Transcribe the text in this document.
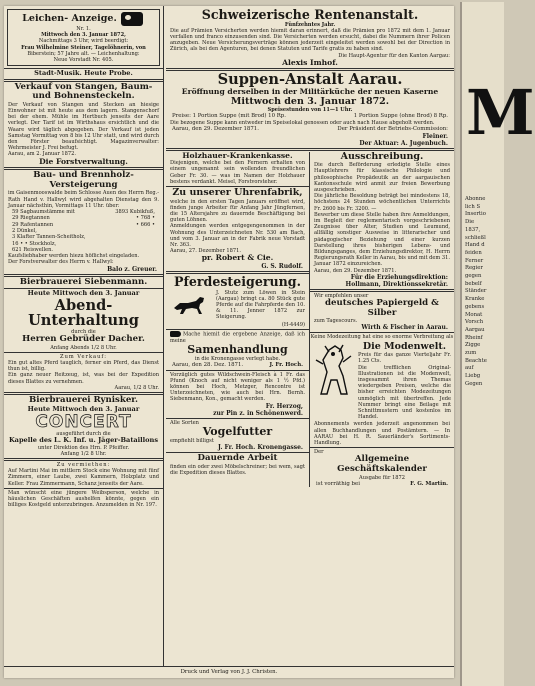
Leichen- Anzeige.
Nr. 1.
Mittwoch den 3. Januar 1872,
Nachmittags 3 Uhr, wird beerdigt:
Frau Wilhelmine Steiner, Tagelöhnerin, von
Biberstein; 57 Jahre alt. — Leichenhaltung:
Neue Vorstadt Nr. 405.
Stadt-Musik. Heute Probe.
Verkauf von Stangen, Baum- und Bohnensteckeln.
Der Verkauf von Stangen und Stecken an hiesige Einwohner ist mit heute aus dem lagern. Stangenschorf bei der ehem. Mühle im Hertbuch jenseits der Aare verlegt. Der Tarif ist im Wirthshaus ersichtlich und die Waare wird täglich abgegeben. Der Verkauf ist jeden Samstag Vormittag von 8 bis 12 Uhr statt, und wird durch den Förster beaufsichtigt. Magazinverwalter: Wehrmeister J. Frei befugt.
Aarau, am 2. Januar 1872.
Die Forstverwaltung.
Bau- und Brennholz-Versteigerung
im Gaisenmooswalde beim Schlosse Auen des Herrn Reg.-Rath Hand v. Hallwyl wird abgehalten Dienstag den 9. Januar nächsthin, Vormittags 11 Uhr. über:
59 Sagbaumstämme mit	3893 Kubikfuß,
29 Riegtannen	• 768 •
29 Rafentannen	• 666 •
2 Dünkel,
3 Klafter Tannen-Scheitholz,
16 • • Stockholz,
621 Reiswellen.
Kaufsliebhaber werden hiezu höflichst eingeladen.
Der Forstverwalter des Herrn v. Hallwyl:
Balo z. Greuer.
Bierbrauerei Siebenmann.
Heute Mittwoch den 3. Januar
Abend-Unterhaltung
durch die
Herren Gebrüder Dacher.
Anfang Abends 1/2 8 Uhr.
Zum Verkauf:
Ein gut altes Pferd tauglich, ferner ein Pferd, das Dienst thun ist, billig.
Ein ganz neuer Reitzeug, ist, was bei der Expedition dieses Blattes zu vernehmen.
Aarau, 1/2 8 Uhr.
Bierbrauerei Rynisker.
Heute Mittwoch den 3. Januar
CONCERT
ausgeführt durch die
Kapelle des L. K. Inf. u. Jäger-Bataillons
unter Direktion des Hrn. P. Pfeiffer.
Anfang 1/2 8 Uhr.
Zu vermiethen:
Auf Martini Mai im mittlern Stock eine Wohnung mit fünf Zimmern, einer Laube, zwei Kammern, Holzplatz und Keller. Frau Zimmermann, Schanz jenseits der Aare.
Man wünscht eine jüngere Weibsperson, welche in häuslichen Geschäften aushelfen könnte, gegen ein billiges Kostgeld unterzubringen. Anzumelden in Nr. 197.
Schweizerische Rentenanstalt.
Fünfzehntes Jahr.
Die auf Prämien Versicherten werden hiemit daran erinnert, daß die Prämien pro 1872 mit dem 1. Januar verfallen und franco einzusenden sind. Die Versicherten werden ersucht, dabei die Nummern ihrer Policen anzugeben. Neue Versicherungsverträge können jederzeit eingeleitet werden sowohl bei der Direction in Zürich, als bei den Agenturen, bei denen Statuten und Tarife gratis zu haben sind.
Die Haupt-Agentur für den Kanton Aargau:
Alexis Imhof.
Suppen-Anstalt Aarau.
Eröffnung derselben in der Militärküche der neuen Kaserne
Mittwoch den 3. Januar 1872.
Speisestunden von 11—1 Uhr.
Preise: 1 Portion Suppe (mit Brod) 10 Rp.	1 Portion Suppe (ohne Brod) 8 Rp.
Die bezogene Suppe kann entweder im Speiselokal genossen oder auch nach Hause abgeholt werden.
Aarau, den 29. Dezember 1871.	Der Präsident der Betriebs-Commission:
Fleiner.
Der Aktuar: A. Jugenbuch.
Holzhauer-Krankenkasse.
Diejenigen, welche bei den Fernern erhalten von einem ungenannt sein wollenden freundlichen Geber Fr. 30. — was im Namen der Holzhauer bestens verdankt. Meisel, Forstvorsteher.
Zu unserer Uhrenfabrik,
welche in den ersten Tagen Januars eröffnet wird, finden junge Arbeiter für Anfang Jahr Jüngfernen, die 15 Altersjahre zu dauernde Beschäftigung bei guten Löhnen.
Anmeldungen werden entgegengenommen in der Wohnung des Unterzeichneten Nr. 530 am Bach, und vom 3. Januar an in der Fabrik neue Vorstadt Nr. 363.
Aarau, 27. Dezember 1871.
pr. Robert & Cie.
G. S. Rudolf.
Pferdesteigerung.
J. Stutz zum Löwen in Stein (Aargau) bringt ca. 80 Stück gute Pferde auf die Fahrpferde den 10. & 11. Jenner 1872 zur Steigerung.
(H-4449)
Mache hiemit die ergebene Anzeige, daß ich meine
Samenhandlung
in die Kronengasse verlegt habe.
Aarau, den 28. Dez. 1871.	J. Fr. Hoch.
Vorzüglich gutes Wildschwein-Fleisch à 1 Fr. das Pfund (Knoch auf nicht weniger als 1 ½ Pfd.) können bei Hoch, Metzger, Rencontre ist Unterzeichneten, wie auch bei Hrn. Bernh. Siebenmann, Kon., gemacht werden.
Fr. Herzog,
zur Pin z. in Schönenwerd.
Alle Sorten
Vogelfutter
empfiehlt billigst
J. Fr. Hoch. Kronengasse.
Dauernde Arbeit
finden ein oder zwei Möbelschreiner; bei wem, sagt die Expedition dieses Blattes.
Ausschreibung.
Die durch Beförderung erledigte Stelle eines Hauptlehrers für klassische Philologie und philosophische Propädeutik an der aargauischen Kantonsschule wird anmit zur freien Bewerbung ausgeschrieben.
Die jährliche Besoldung beträgt bei mindestens 18, höchstens 24 Stunden wöchentlichen Unterrichts Fr. 2600 bis Fr. 3200. —
Bewerber um diese Stelle haben ihre Anmeldungen, im Begleit der reglementarisch vorgeschriebenen Zeugnisse über Alter, Studien und Leumund, allfällig sonstiger Ausweise in litterarischer und pädagogischer Beziehung und einer kurzen Darstellung ihres bisherigen Lebens- und Bildungsganges, dem Erziehungsdirektor, H. Herrn Regierungsrath Keller in Aarau, bis und mit dem 31. Januar 1872 einzureichen.
Aarau, den 29. Dezember 1871.
Für die Erziehungsdirektion:
Hollmann, Direktionssekretär.
Wir empfehlen unser
deutsches Papiergeld & Silber
zum Tagescours.
Wirth & Fischer in Aarau.
Keine Modezeitung hat eine so enorme Verbreitung als
Die Modenwelt.
Preis für das ganze Vierteljahr Fr. 1.25 Cts.
Die trefflichen Original-Illustrationen ist die Modenwelt, insgesammt ihren Themas wiedergeben Preisen, welche die bisher erreichten Modezeitungen unmöglich mit übertreffen. Jede Nummer bringt eine Beilage mit Schnittmustern und kostenlos im Handel.
Abonnements werden jederzeit angenommen bei allen Buchhandlungen und Postämtern. — In AARAU bei H. R. Sauerländer's Sortiments-Handlung.
Der
Allgemeine Geschäftskalender
Ausgabe für 1872
ist vorräthig bei	F. G. Martin.
Druck und Verlag von J. J. Christen.
M
Abonne
lich S
Insertio
Die
1837,
schließl
Hand d
feiden
Ferner
Regier
gegen
bebelf
Ständer
Kranke
gebens
Monat
Vorsch
Aargau
Rheinf
Zigge
zum
Beachte
auf
Liebg
Gegen
